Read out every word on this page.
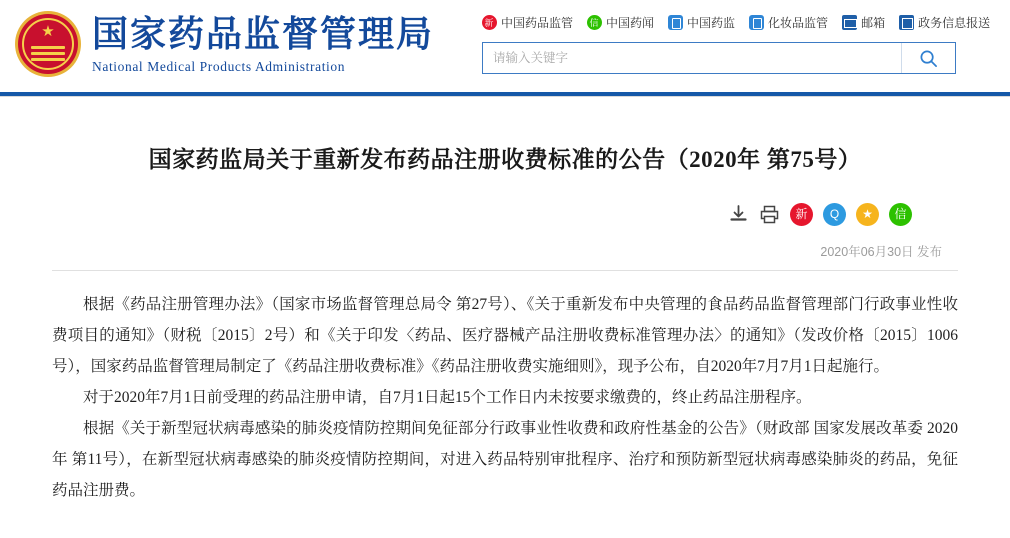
★ 国家药品监督管理局
National Medical Products Administration
新
中国药品监管 信	中国药闻	中国药监	化妆品监管	邮箱	政务信息报送
请输入关键字
国家药监局关于重新发布药品注册收费标准的公告（2020年 第75号）
新	Q	★	信
2020年06月30日 发布

根据《药品注册管理办法》（国家市场监督管理总局令 第27号）、《关于重新发布中央管理的食品药品监督管理部门行政事业性收费项目的通知》（财税〔2015〕2号）和《关于印发〈药品、医疗器械产品注册收费标准管理办法〉的通知》（发改价格〔2015〕1006号），国家药品监督管理局制定了《药品注册收费标准》《药品注册收费实施细则》，现予公布，自2020年7月7月1日起施行。

对于2020年7月1日前受理的药品注册申请，自7月1日起15个工作日内未按要求缴费的，终止药品注册程序。

根据《关于新型冠状病毒感染的肺炎疫情防控期间免征部分行政事业性收费和政府性基金的公告》（财政部 国家发展改革委 2020年 第11号），在新型冠状病毒感染的肺炎疫情防控期间，对进入药品特别审批程序、治疗和预防新型冠状病毒感染肺炎的药品，免征药品注册费。
